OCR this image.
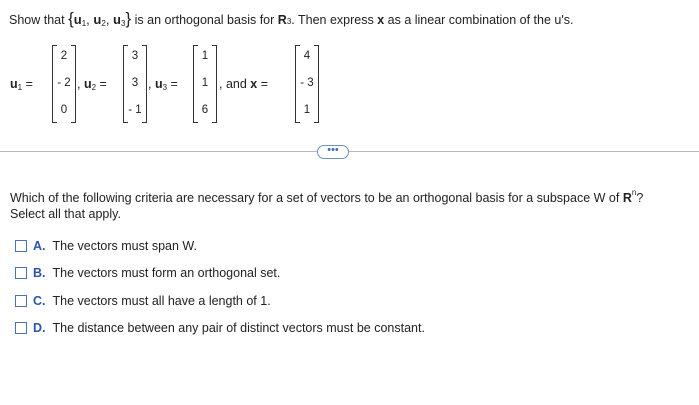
Show that
{$u_1$, $u_2$, $u_3$}
is an orthogonal basis for
R 3 . Then express
x
as a linear combination of the u's.
$u_1$ =
2
- 2
0
, $u_2$ =
3
3
- 1
, $u_3$ =
1
1
6
, and x =
4
- 3
1
•••
Which of the following criteria are necessary for a set of vectors to be an orthogonal basis for a subspace W of $R^n$?
Select all that apply.
A. The vectors must span W.
B. The vectors must form an orthogonal set.
C. The vectors must all have a length of 1.
D. The distance between any pair of distinct vectors must be constant.
